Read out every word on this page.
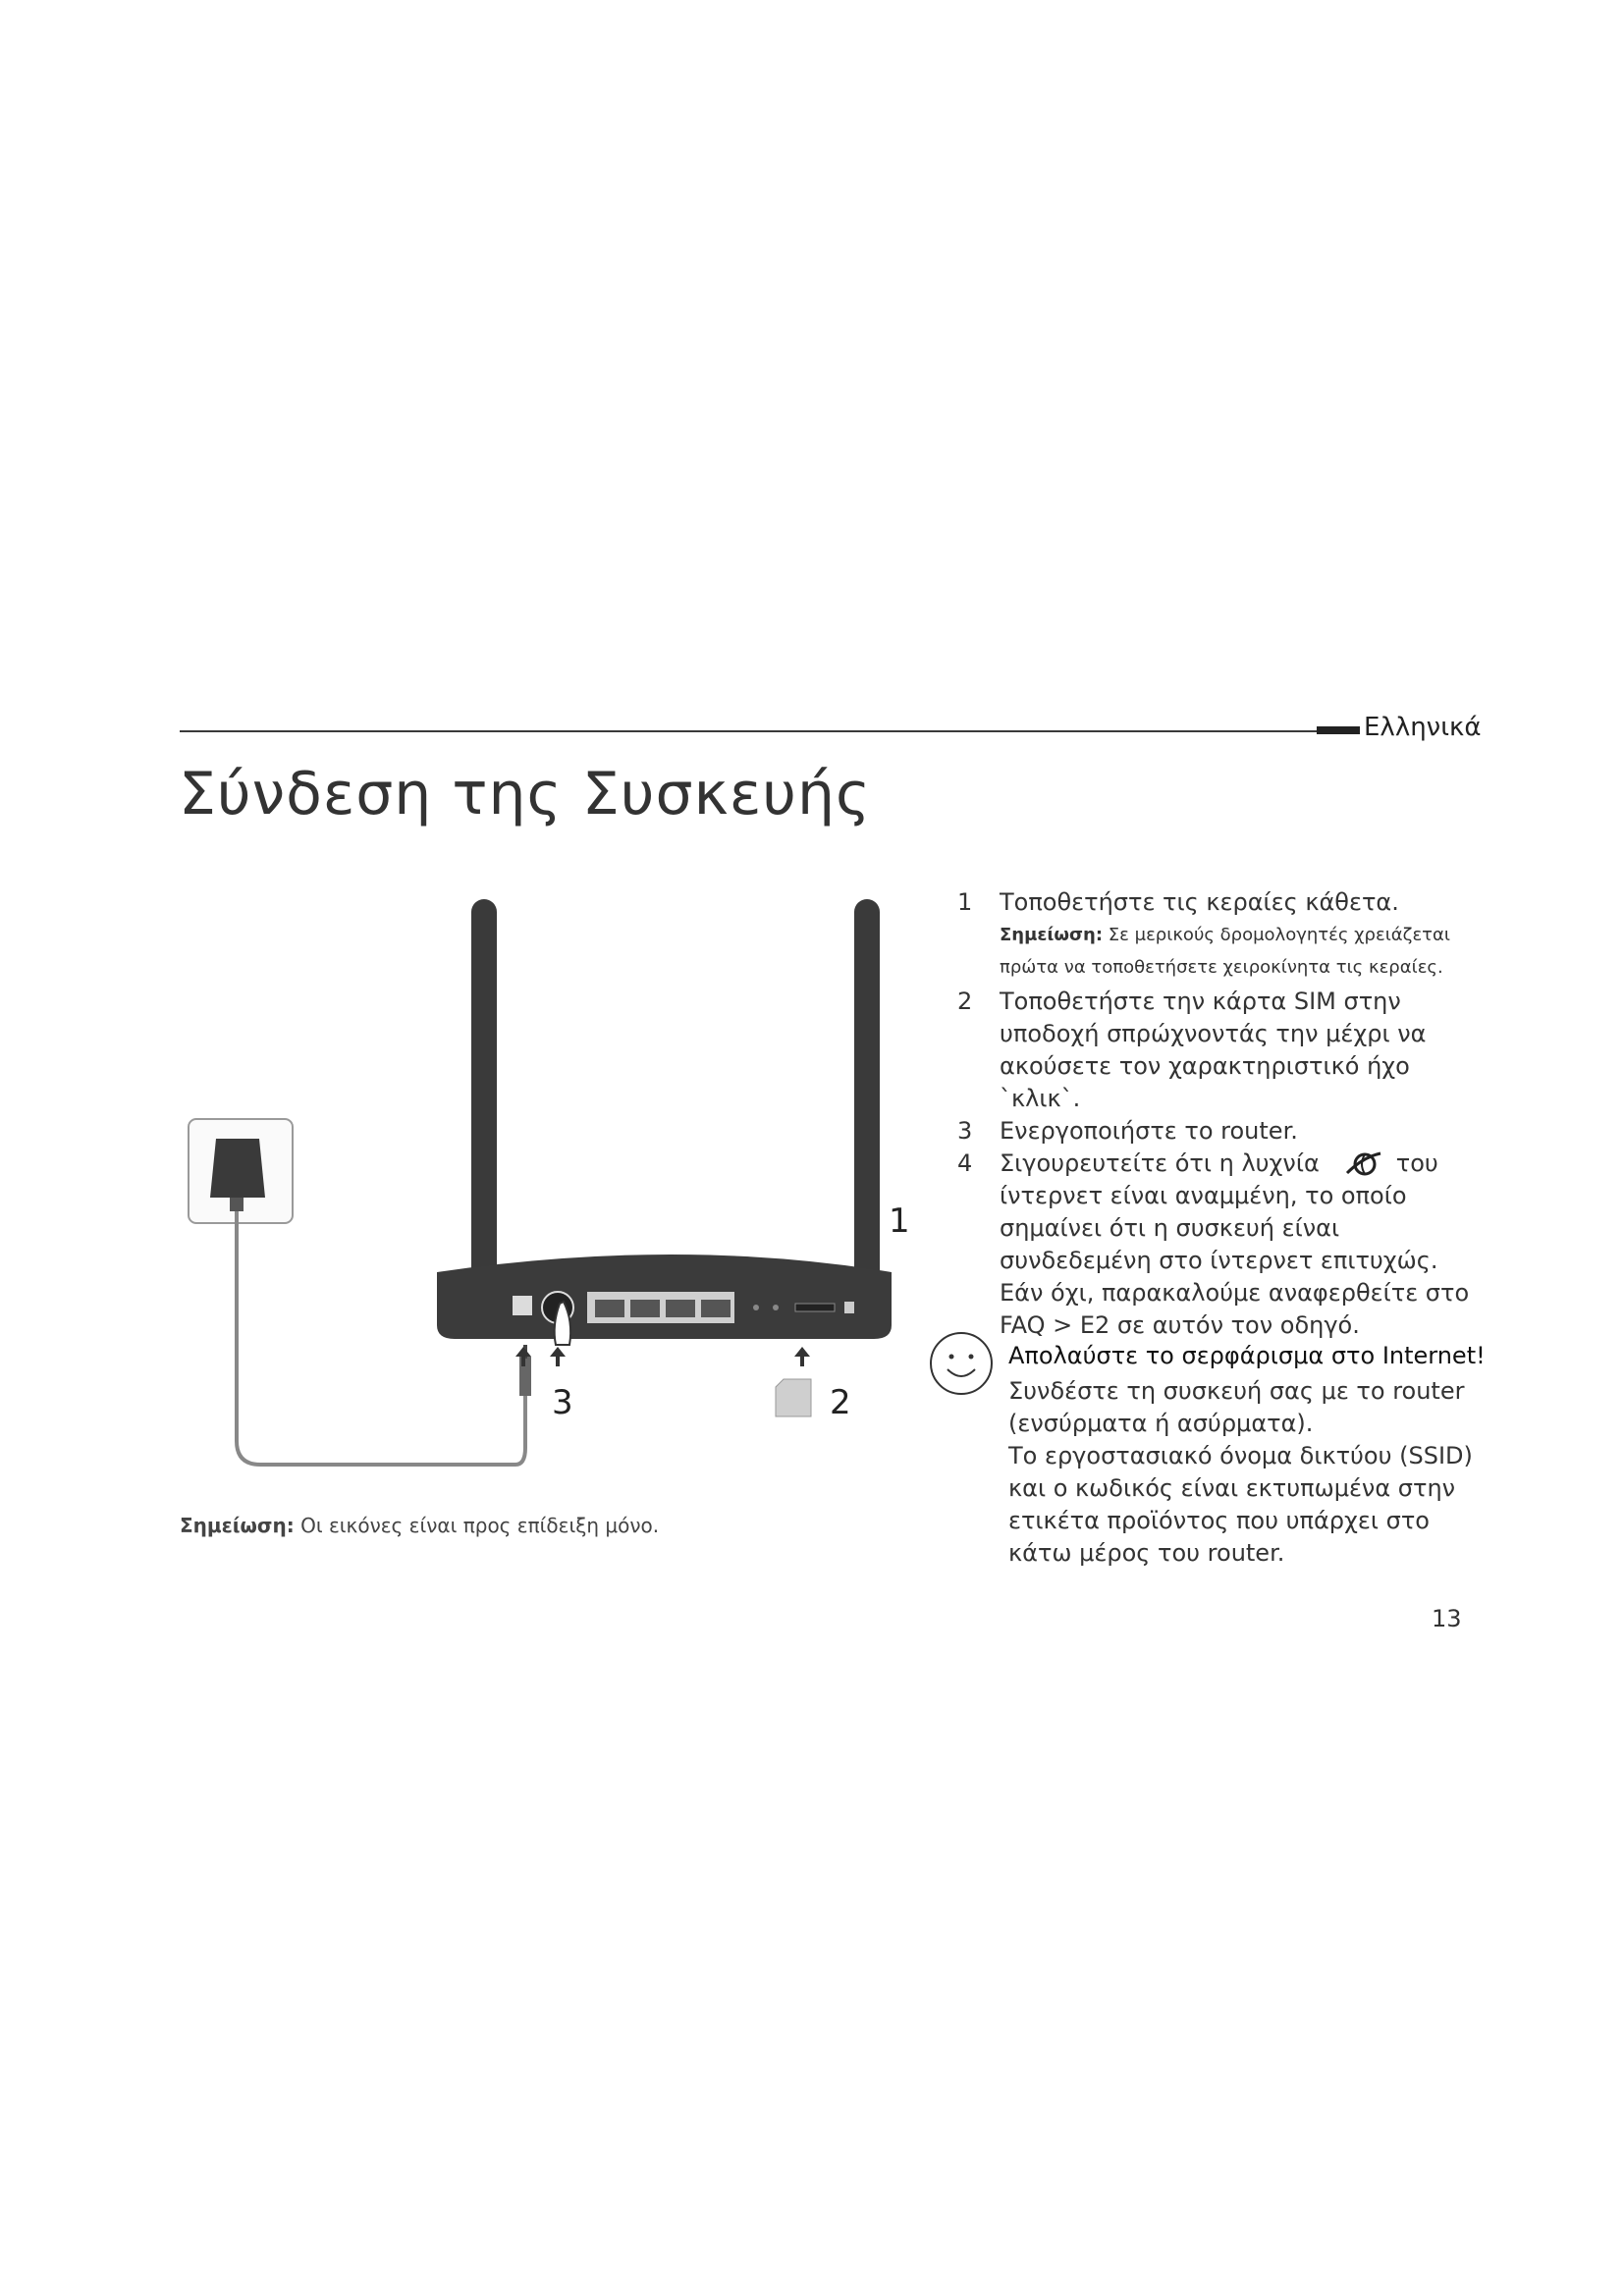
Ελληνικά
Σύνδεση της Συσκευής
1
2
3
Σημείωση: Οι εικόνες είναι προς επίδειξη μόνο.
1 Τοποθετήστε τις κεραίες κάθετα.
Σημείωση: Σε μερικούς δρομολογητές χρειάζεται πρώτα να τοποθετήσετε χειροκίνητα τις κεραίες.
2 Τοποθετήστε την κάρτα SIM στην υποδοχή σπρώχνοντάς την μέχρι να ακούσετε τον χαρακτηριστικό ήχο `κλικ`.
3 Ενεργοποιήστε το router.
4 Σιγουρευτείτε ότι η λυχνία	του ίντερνετ είναι αναμμένη, το οποίο σημαίνει ότι η συσκευή είναι συνδεδεμένη στο ίντερνετ επιτυχώς. Εάν όχι, παρακαλούμε αναφερθείτε στο FAQ > E2 σε αυτόν τον οδηγό.
Απολαύστε το σερφάρισμα στο Internet!

Συνδέστε τη συσκευή σας με το router (ενσύρματα ή ασύρματα).

Το εργοστασιακό όνομα δικτύου (SSID) και ο κωδικός είναι εκτυπωμένα στην ετικέτα προϊόντος που υπάρχει στο κάτω μέρος του router.

13
